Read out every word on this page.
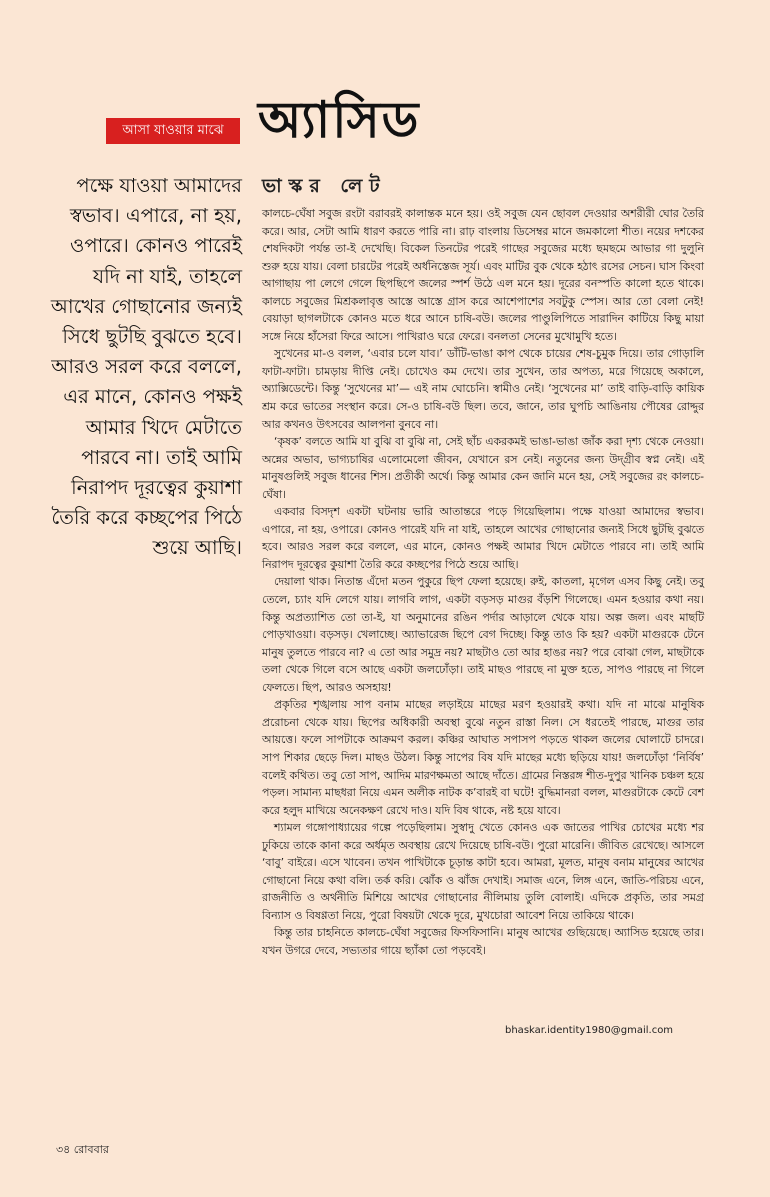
আসা যাওয়ার মাঝে অ্যাসিড
ভাস্কর লেট

পক্ষে যাওয়া আমাদের স্বভাব। এপারে, না হয়, ওপারে। কোনও পারেই যদি না যাই, তাহলে আখের গোছানোর জন্যই সিধে ছুটছি বুঝতে হবে। আরও সরল করে বললে, এর মানে, কোনও পক্ষই আমার খিদে মেটাতে পারবে না। তাই আমি নিরাপদ দূরত্বের কুয়াশা তৈরি করে কচ্ছপের পিঠে শুয়ে আছি।

কালচে-ঘেঁষা সবুজ রংটা বরাবরই কালান্তক মনে হয়। ওই সবুজ যেন ছোবল দেওয়ার অশরীরী ঘোর তৈরি করে। আর, সেটা আমি ধারণ করতে পারি না। রাঢ় বাংলায় ডিসেম্বর মানে জমকালো শীত। নয়ের দশকের শেষদিকটা পর্যন্ত তা-ই দেখেছি। বিকেল তিনটের পরেই গাছের সবুজের মধ্যে ছমছমে আভার গা দুলুনি শুরু হয়ে যায়। বেলা চারটের পরেই অর্ধনিস্তেজ সূর্য। এবং মাটির বুক থেকে হঠাৎ রসের সেচন। ঘাস কিংবা আগাছায় পা লেগে গেলে ছিপছিপে জলের স্পর্শ উঠে এল মনে হয়। দূরের বনস্পতি কালো হতে থাকে। কালচে সবুজের মিশ্রকলাবৃত্ত আস্তে আস্তে গ্রাস করে আশেপাশের সবটুকু স্পেস। আর তো বেলা নেই! বেয়াড়া ছাগলটাকে কোনও মতে ধরে আনে চাষি-বউ। জলের পাণ্ডুলিপিতে সারাদিন কাটিয়ে কিছু মায়া সঙ্গে নিয়ে হাঁসেরা ফিরে আসে। পাখিরাও ঘরে ফেরে। বনলতা সেনের মুখোমুখি হতে।

সুখেনের মা-ও বলল, ‘এবার চলে যাব।’ ডাঁটি-ভাঙা কাপ থেকে চায়ের শেষ-চুমুক দিয়ে। তার গোড়ালি ফাটা-ফাটা। চামড়ায় দীপ্তি নেই। চোখেও কম দেখে। তার সুখেন, তার অপত্য, মরে গিয়েছে অকালে, অ্যাক্সিডেন্টে। কিন্তু ‘সুখেনের মা’— এই নাম ঘোচেনি। স্বামীও নেই। ‘সুখেনের মা’ তাই বাড়ি-বাড়ি কায়িক শ্রম করে ভাতের সংস্থান করে। সে-ও চাষি-বউ ছিল। তবে, জানে, তার ঘুপচি আঙিনায় পৌষের রোদ্দুর আর কখনও উৎসবের আলপনা বুনবে না।

‘কৃষক’ বলতে আমি যা বুঝি বা বুঝি না, সেই ছাঁচ একরকমই ভাঙা-ভাঙা জাঁক করা দৃশ্য থেকে নেওয়া। অন্নের অভাব, ভাগ্যচাষির এলোমেলো জীবন, যেখানে রস নেই। নতুনের জন্য উদ্‌গ্রীব স্বপ্ন নেই। এই মানুষগুলিই সবুজ ধানের শিস। প্রতীকী অর্থে। কিন্তু আমার কেন জানি মনে হয়, সেই সবুজের রং কালচে-ঘেঁষা।

একবার বিসদৃশ একটা ঘটনায় ভারি আতান্তরে পড়ে গিয়েছিলাম। পক্ষে যাওয়া আমাদের স্বভাব। এপারে, না হয়, ওপারে। কোনও পারেই যদি না যাই, তাহলে আখের গোছানোর জন্যই সিধে ছুটছি বুঝতে হবে। আরও সরল করে বললে, এর মানে, কোনও পক্ষই আমার খিদে মেটাতে পারবে না। তাই আমি নিরাপদ দূরত্বের কুয়াশা তৈরি করে কচ্ছপের পিঠে শুয়ে আছি।

দেয়ালা থাক। নিতান্ত এঁদো মতন পুকুরে ছিপ ফেলা হয়েছে। রুই, কাতলা, মৃগেল এসব কিছু নেই। তবু তেলে, চ্যাং যদি লেগে যায়। লাগবি লাগ, একটা বড়সড় মাগুর বঁড়শি গিলেছে। এমন হওয়ার কথা নয়। কিন্তু অপ্রত্যাশিত তো তা-ই, যা অনুমানের রঙিন পর্দার আড়ালে থেকে যায়। অল্প জল। এবং মাছটি পোড়খাওয়া। বড়সড়। খেলাচ্ছে। অ্যাভারেজ ছিপে বেগ দিচ্ছে। কিন্তু তাও কি হয়? একটা মাগুরকে টেনে মানুষ তুলতে পারবে না? এ তো আর সমুদ্র নয়? মাছটাও তো আর হাঙর নয়? পরে বোঝা গেল, মাছটাকে তলা থেকে গিলে বসে আছে একটা জলঢোঁড়া। তাই মাছও পারছে না মুক্ত হতে, সাপও পারছে না গিলে ফেলতে। ছিপ, আরও অসহায়!

প্রকৃতির শৃঙ্খলায় সাপ বনাম মাছের লড়াইয়ে মাছের মরণ হওয়ারই কথা। যদি না মাঝে মানুষিক প্ররোচনা থেকে যায়। ছিপের অধিকারী অবস্থা বুঝে নতুন রাস্তা নিল। সে ধরতেই পারছে, মাগুর তার আয়ত্তে। ফলে সাপটাকে আক্রমণ করল। কঞ্চির আঘাত সপাসপ পড়তে থাকল জলের ঘোলাটে চাদরে। সাপ শিকার ছেড়ে দিল। মাছও উঠল। কিন্তু সাপের বিষ যদি মাছের মধ্যে ছড়িয়ে যায়! জলঢোঁড়া ‘নির্বিষ’ বলেই কথিত। তবু তো সাপ, আদিম মারণক্ষমতা আছে দাঁতে। গ্রামের নিস্তরঙ্গ শীত-দুপুর খানিক চঞ্চল হয়ে পড়ল। সামান্য মাছধরা নিয়ে এমন অলীক নাটক ক’বারই বা ঘটে! বুদ্ধিমানরা বলল, মাগুরটাকে কেটে বেশ করে হলুদ মাখিয়ে অনেকক্ষণ রেখে দাও। যদি বিষ থাকে, নষ্ট হয়ে যাবে।

শ্যামল গঙ্গোপাধ্যায়ের গল্পে পড়েছিলাম। সুস্বাদু খেতে কোনও এক জাতের পাখির চোখের মধ্যে শর ঢুকিয়ে তাকে কানা করে অর্ধমৃত অবস্থায় রেখে দিয়েছে চাষি-বউ। পুরো মারেনি। জীবিত রেখেছে। আসলে ‘বাবু’ বাইরে। এসে খাবেন। তখন পাখিটাকে চূড়ান্ত কাটা হবে। আমরা, মূলত, মানুষ বনাম মানুষের আখের গোছানো নিয়ে কথা বলি। তর্ক করি। ঝোঁক ও ঝাঁজ দেখাই। সমাজ এনে, লিঙ্গ এনে, জাতি-পরিচয় এনে, রাজনীতি ও অর্থনীতি মিশিয়ে আখের গোছানোর নীলিমায় তুলি বোলাই। এদিকে প্রকৃতি, তার সমগ্র বিন্যাস ও বিষণ্ণতা নিয়ে, পুরো বিষয়টা থেকে দূরে, মুখচোরা আবেশ নিয়ে তাকিয়ে থাকে।

কিন্তু তার চাহনিতে কালচে-ঘেঁষা সবুজের ফিসফিসানি। মানুষ আখের গুছিয়েছে। অ্যাসিড হয়েছে তার। যখন উগরে দেবে, সভ্যতার গায়ে ছ্যাঁকা তো পড়বেই।

bhaskar.identity1980@gmail.com
৩৪ রোববার
